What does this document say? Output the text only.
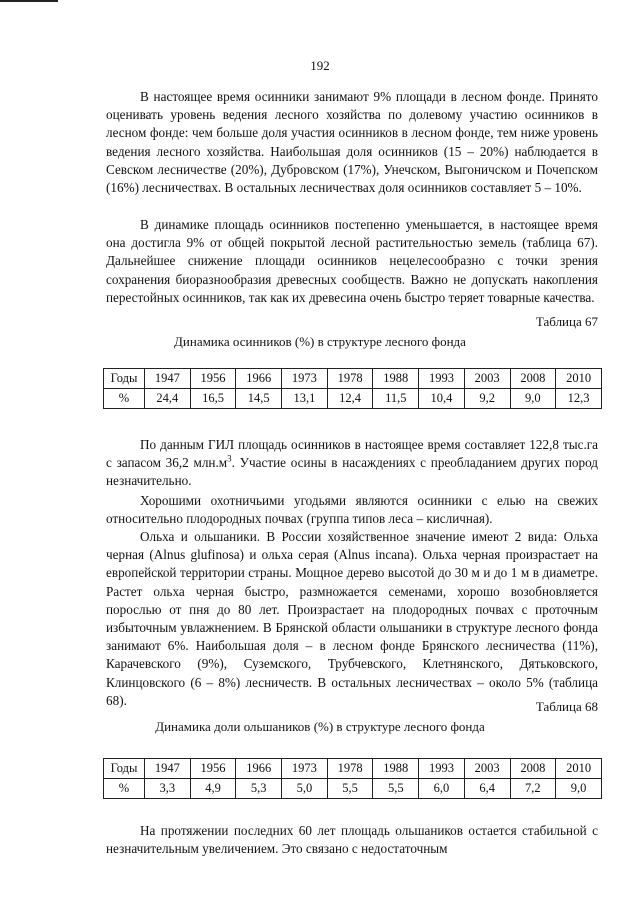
192

В настоящее время осинники занимают 9% площади в лесном фонде. Принято оценивать уровень ведения лесного хозяйства по долевому участию осинников в лесном фонде: чем больше доля участия осинников в лесном фонде, тем ниже уровень ведения лесного хозяйства. Наибольшая доля осинников (15 – 20%) наблюдается в Севском лесничестве (20%), Дубровском (17%), Унечском, Выгоничском и Почепском (16%) лесничествах. В остальных лесничествах доля осинников составляет 5 – 10%.

В динамике площадь осинников постепенно уменьшается, в настоящее время она достигла 9% от общей покрытой лесной растительностью земель (таблица 67). Дальнейшее снижение площади осинников нецелесообразно с точки зрения сохранения биоразнообразия древесных сообществ. Важно не допускать накопления перестойных осинников, так как их древесина очень быстро теряет товарные качества.

Таблица 67
Динамика осинников (%) в структуре лесного фонда
Годы	1947	1956	1966	1973	1978	1988	1993	2003	2008	2010
%	24,4	16,5	14,5	13,1	12,4	11,5	10,4	9,2	9,0	12,3

По данным ГИЛ площадь осинников в настоящее время составляет 122,8 тыс.га с запасом 36,2 $млн.м^3$. Участие осины в насаждениях с преобладанием других пород незначительно.

Хорошими охотничьими угодьями являются осинники с елью на свежих относительно плодородных почвах (группа типов леса – кисличная).

Ольха и ольшаники. В России хозяйственное значение имеют 2 вида: Ольха черная (Alnus glufinosa) и ольха серая (Alnus incana). Ольха черная произрастает на европейской территории страны. Мощное дерево высотой до 30 м и до 1 м в диаметре. Растет ольха черная быстро, размножается семенами, хорошо возобновляется порослью от пня до 80 лет. Произрастает на плодородных почвах с проточным избыточным увлажнением. В Брянской области ольшаники в структуре лесного фонда занимают 6%. Наибольшая доля – в лесном фонде Брянского лесничества (11%), Карачевского (9%), Суземского, Трубчевского, Клетнянского, Дятьковского, Клинцовского (6 – 8%) лесничеств. В остальных лесничествах – около 5% (таблица 68).	Таблица 68
Динамика доли ольшаников (%) в структуре лесного фонда
Годы	1947	1956	1966	1973	1978	1988	1993	2003	2008	2010
%	3,3	4,9	5,3	5,0	5,5	5,5	6,0	6,4	7,2	9,0

На протяжении последних 60 лет площадь ольшаников остается стабильной с незначительным увеличением. Это связано с недостаточным
